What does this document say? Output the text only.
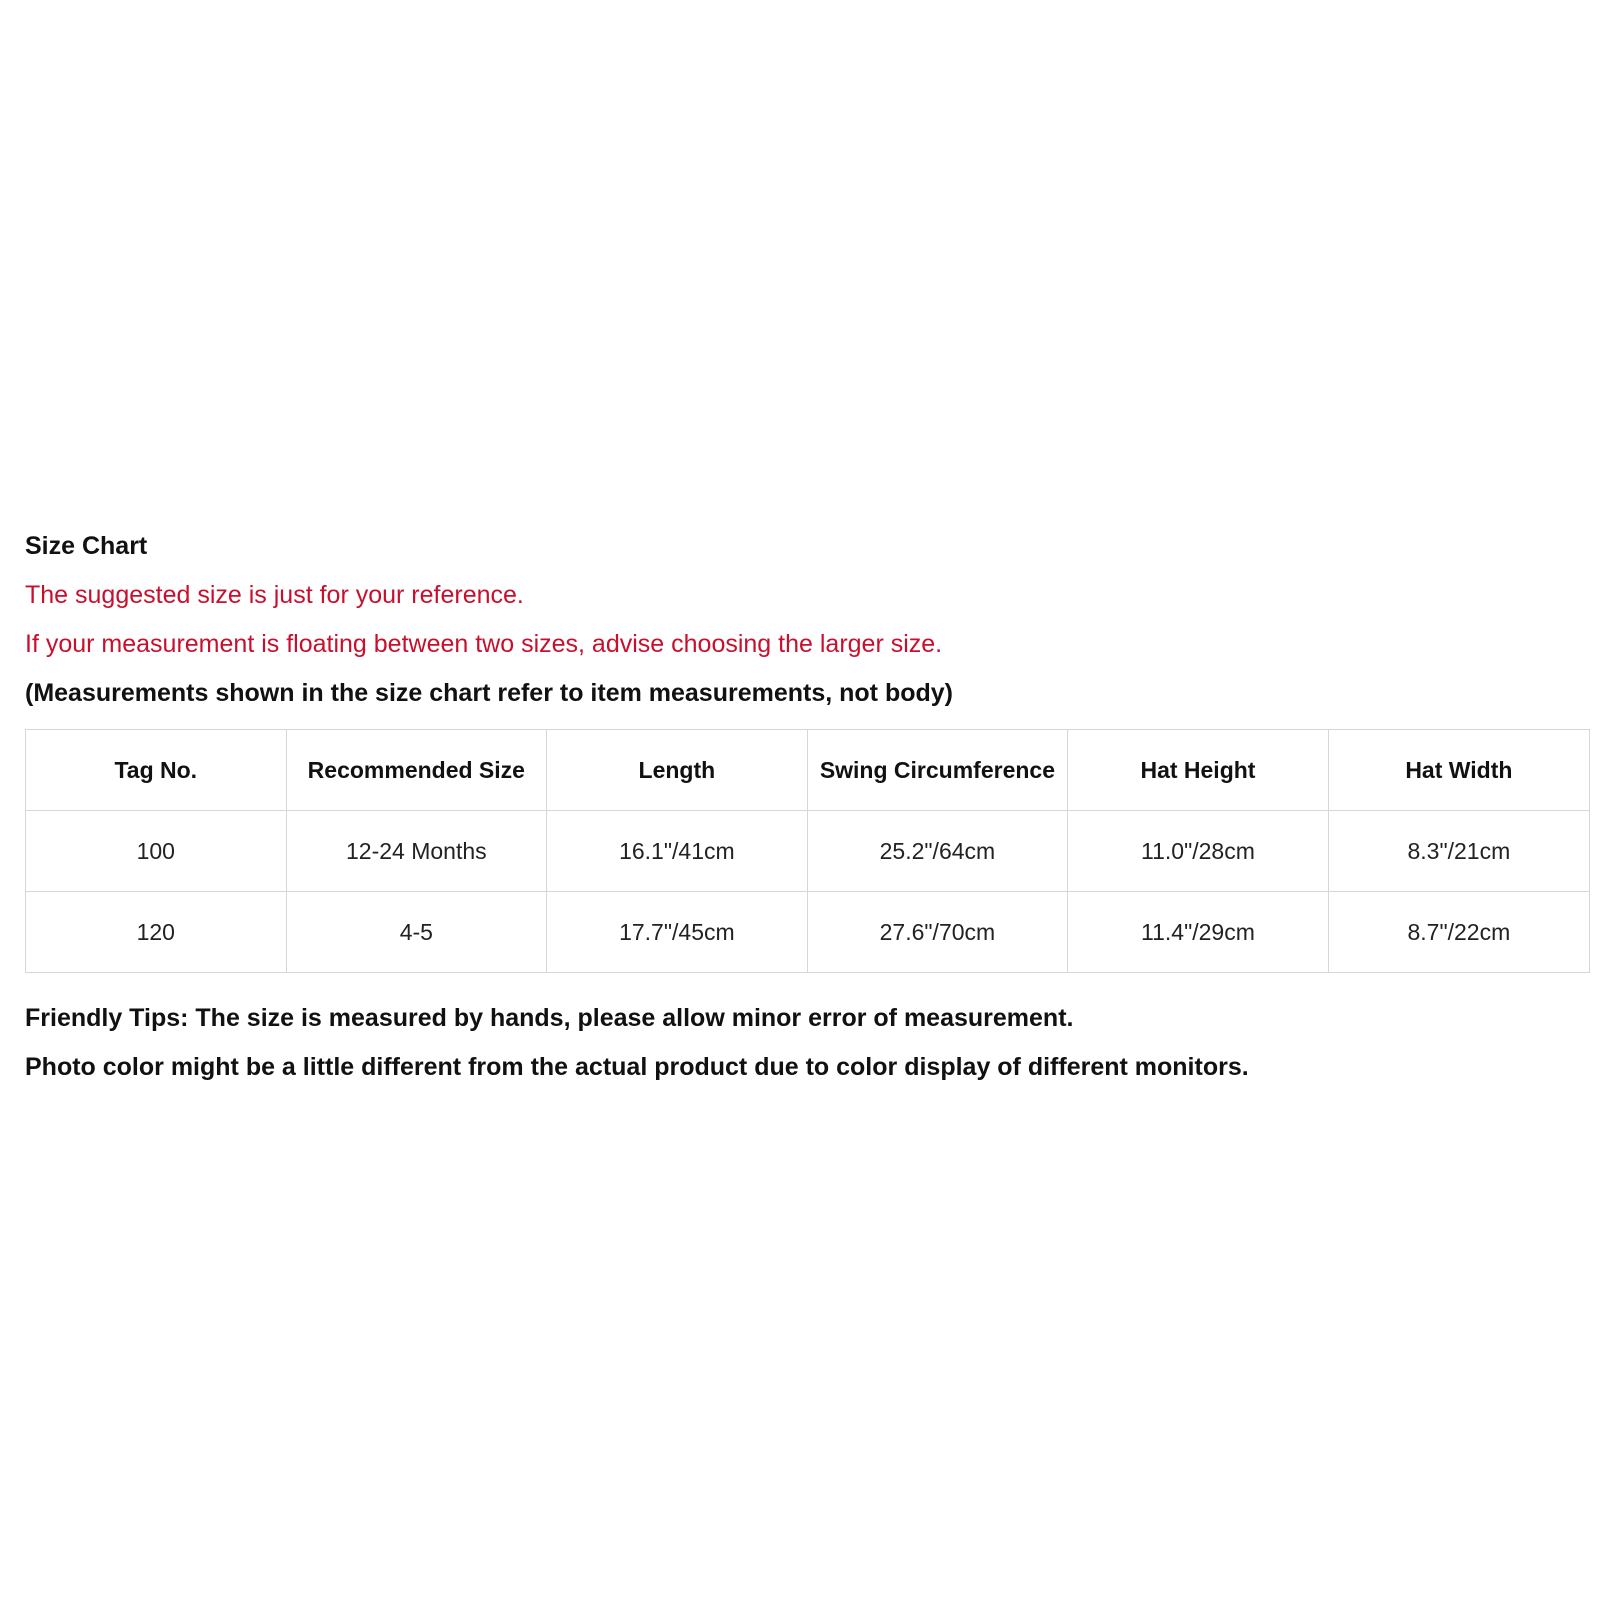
Size Chart
The suggested size is just for your reference.
If your measurement is floating between two sizes, advise choosing the larger size.
(Measurements shown in the size chart refer to item measurements, not body)
Tag No.	Recommended Size	Length	Swing Circumference	Hat Height	Hat Width
100	12-24 Months	16.1"/41cm	25.2"/64cm	11.0"/28cm	8.3"/21cm
120	4-5	17.7"/45cm	27.6"/70cm	11.4"/29cm	8.7"/22cm
Friendly Tips: The size is measured by hands, please allow minor error of measurement.
Photo color might be a little different from the actual product due to color display of different monitors.
